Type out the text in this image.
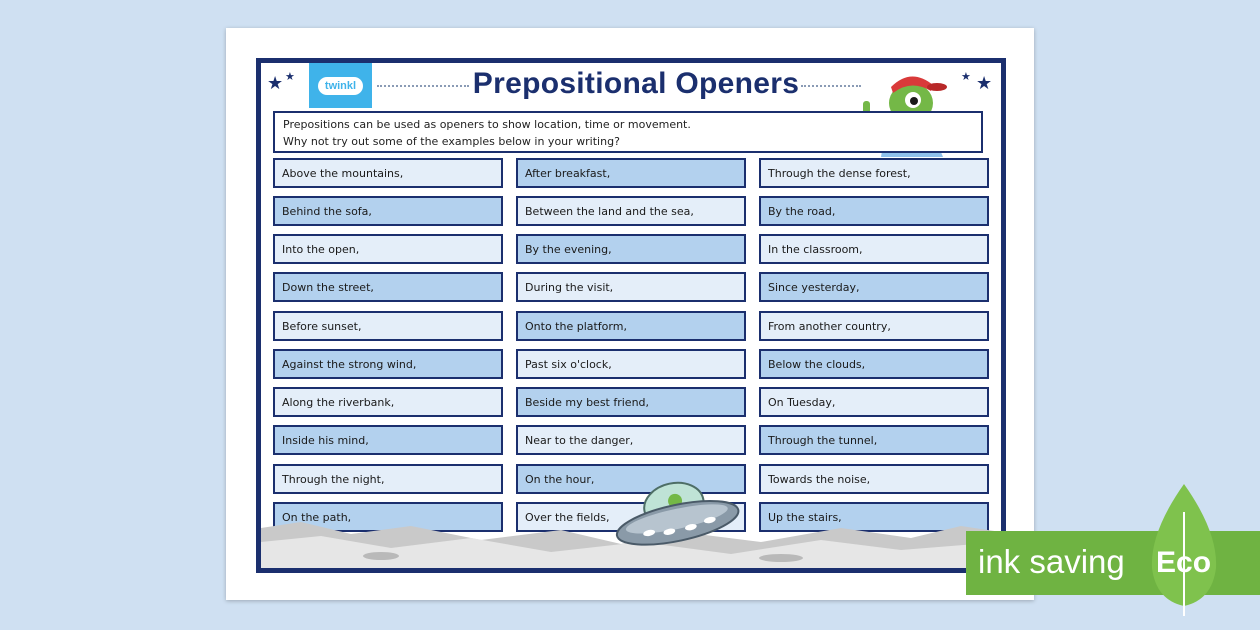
★ ★	★ ★
twinkl	Prepositional Openers
Prepositions can be used as openers to show location, time or movement.
Why not try out some of the examples below in your writing?
Above the mountains,
Behind the sofa,
Into the open,
Down the street,
Before sunset,
Against the strong wind,
Along the riverbank,
Inside his mind,
Through the night,
On the path,
After breakfast,
Between the land and the sea,
By the evening,
During the visit,
Onto the platform,
Past six o'clock,
Beside my best friend,
Near to the danger,
On the hour,
Over the fields,
Through the dense forest,
By the road,
In the classroom,
Since yesterday,
From another country,
Below the clouds,
On Tuesday,
Through the tunnel,
Towards the noise,
Up the stairs,
ink saving Eco
